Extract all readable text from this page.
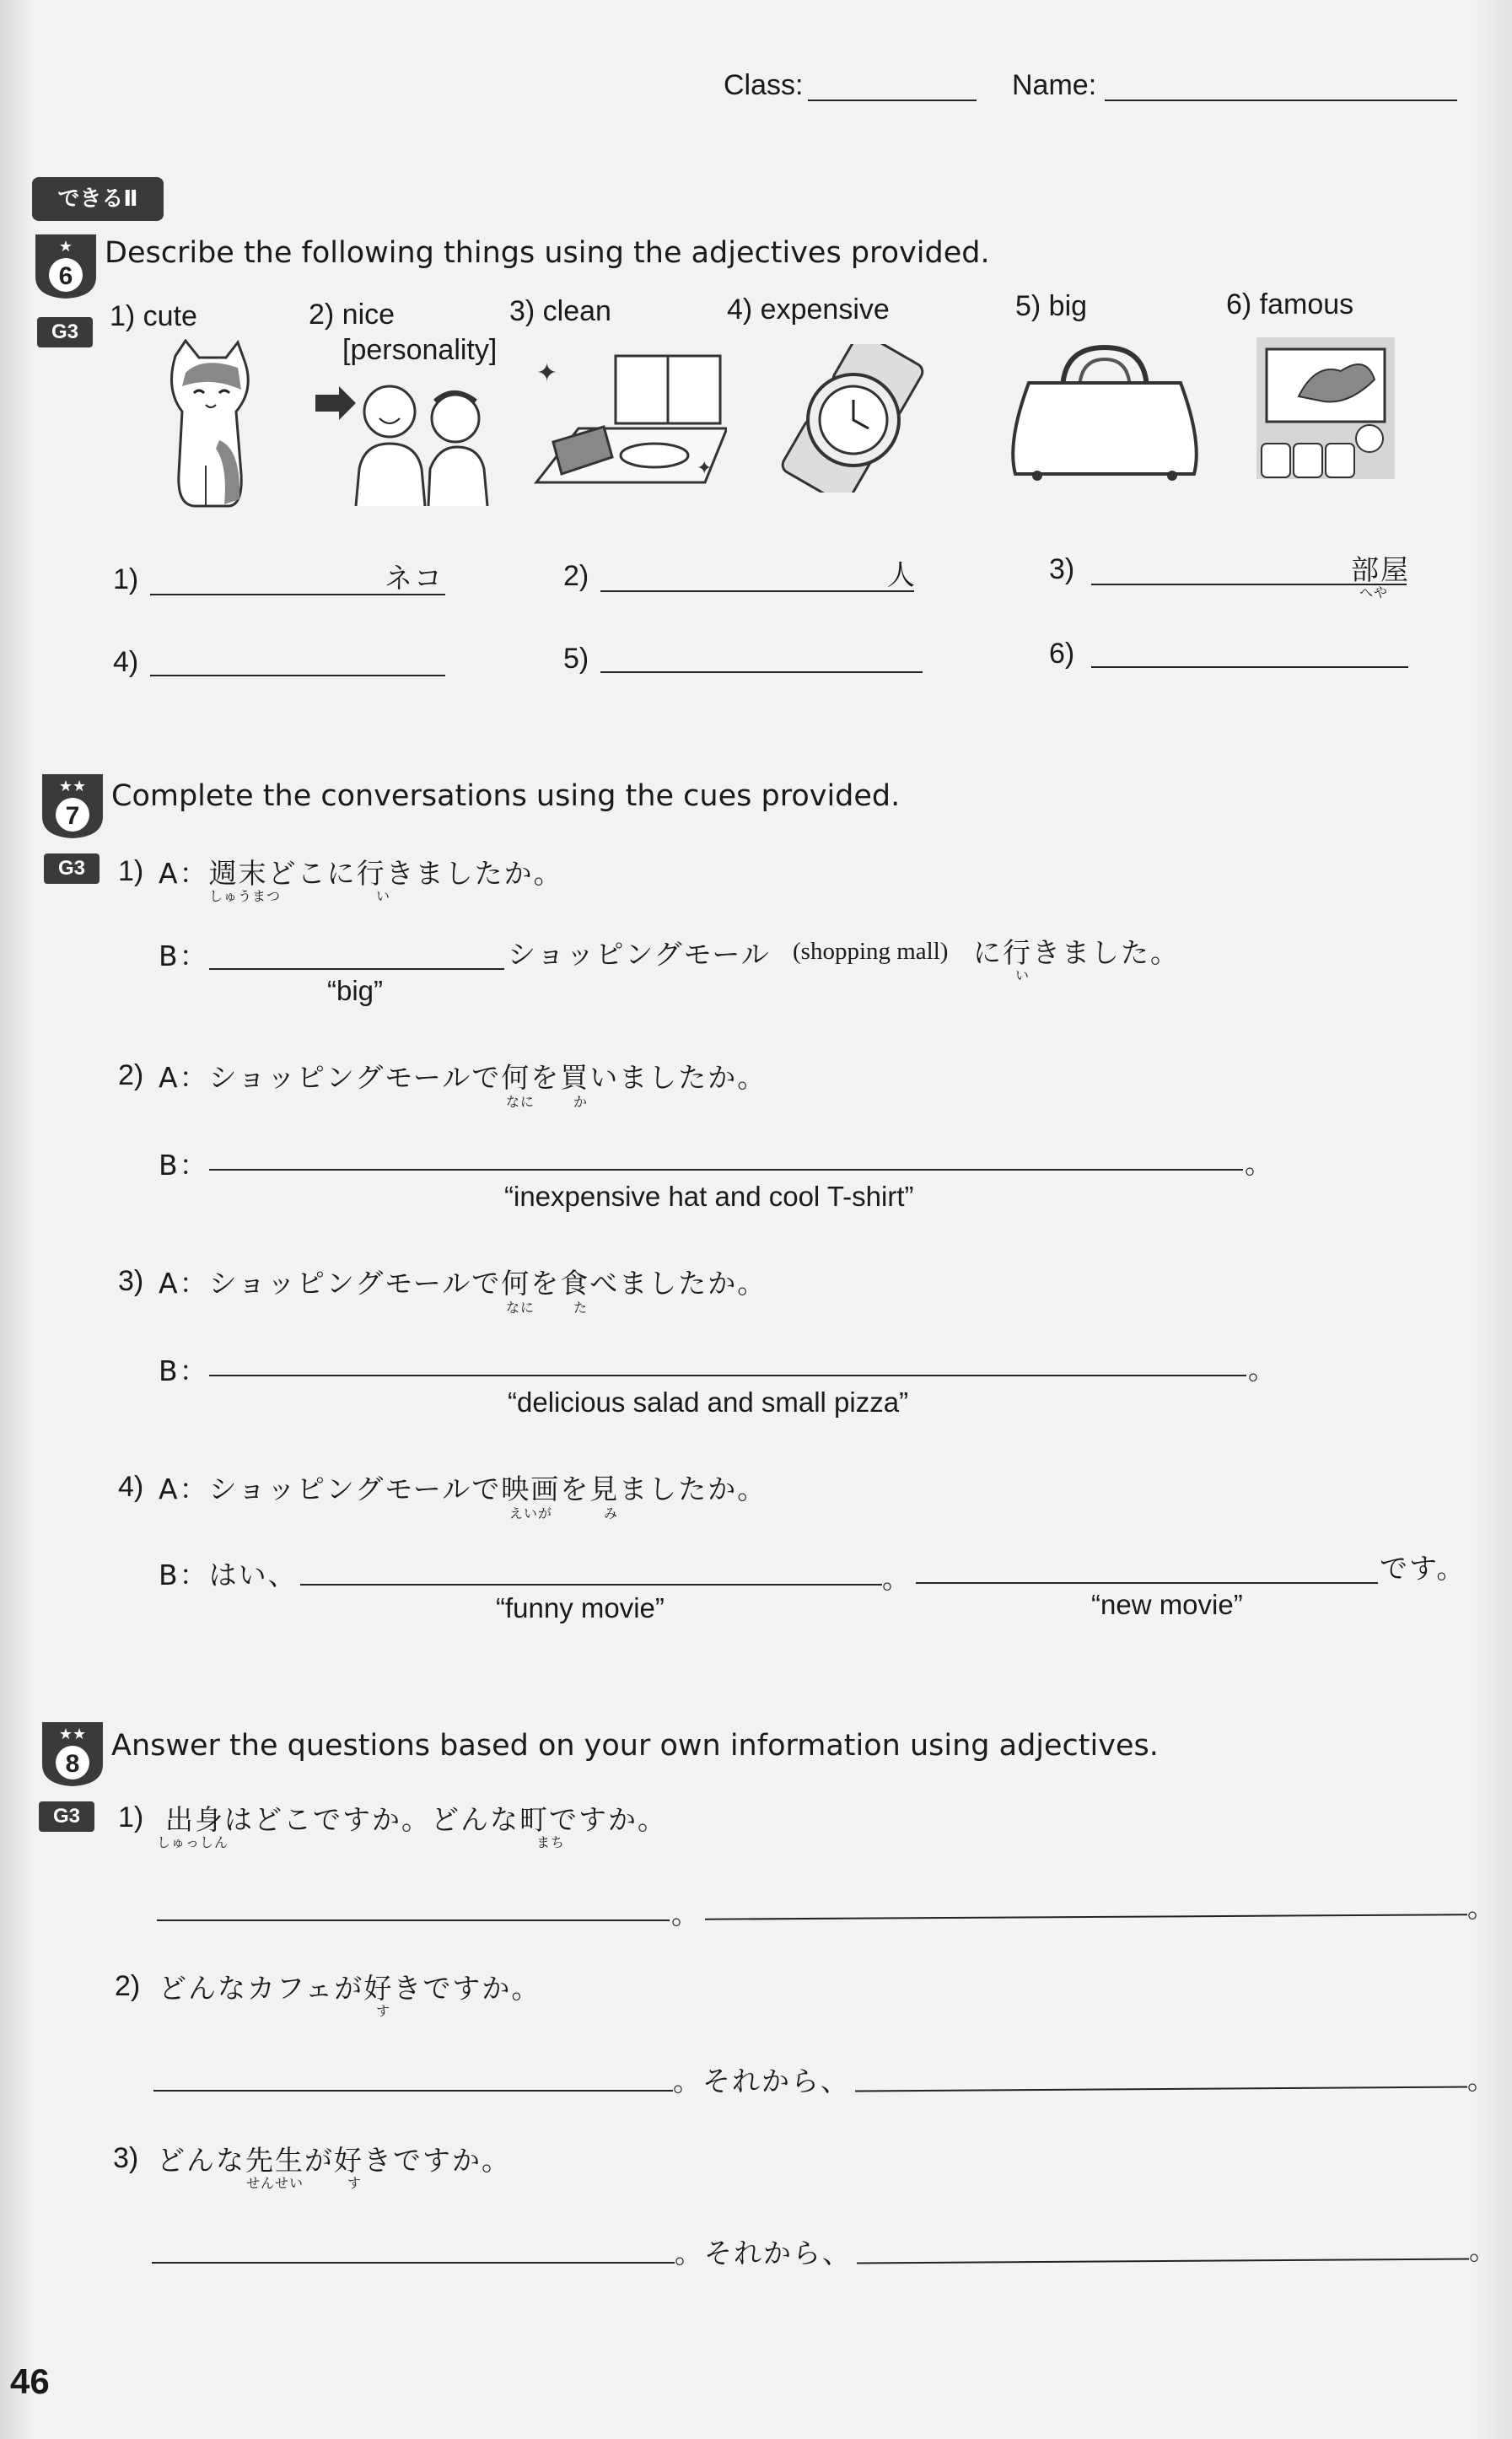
Class:	Name:
できるⅡ
★
6
G3
Describe the following things using the adjectives provided.
1) cute	2) nice
[personality]
3) clean	4) expensive	5) big	6) famous
✦
✦
1)	ネコ	2)	人	3)	部屋
へや
4)	5)	6)
★★
7
G3
Complete the conversations using the cues provided.
1) A：週末どこに行きましたか。
しゅうまつ	い
B：	ショッピングモール (shopping mall) に行きました。
い
“big”
2) A：ショッピングモールで何を買いましたか。
なに	か
B：	。
“inexpensive hat and cool T-shirt”
3) A：ショッピングモールで何を食べましたか。
なに	た
B：	。
“delicious salad and small pizza”
4) A：ショッピングモールで映画を見ましたか。
えいが	み
B：はい、	。	です。
“funny movie”	“new movie”
★★
8
G3
Answer the questions based on your own information using adjectives.
1) 出身はどこですか。どんな町ですか。
しゅっしん	まち
。	。
2) どんなカフェが好きですか。
す
。それから、	。
3) どんな先生が好きですか。
せんせい	す
。それから、	。
46
